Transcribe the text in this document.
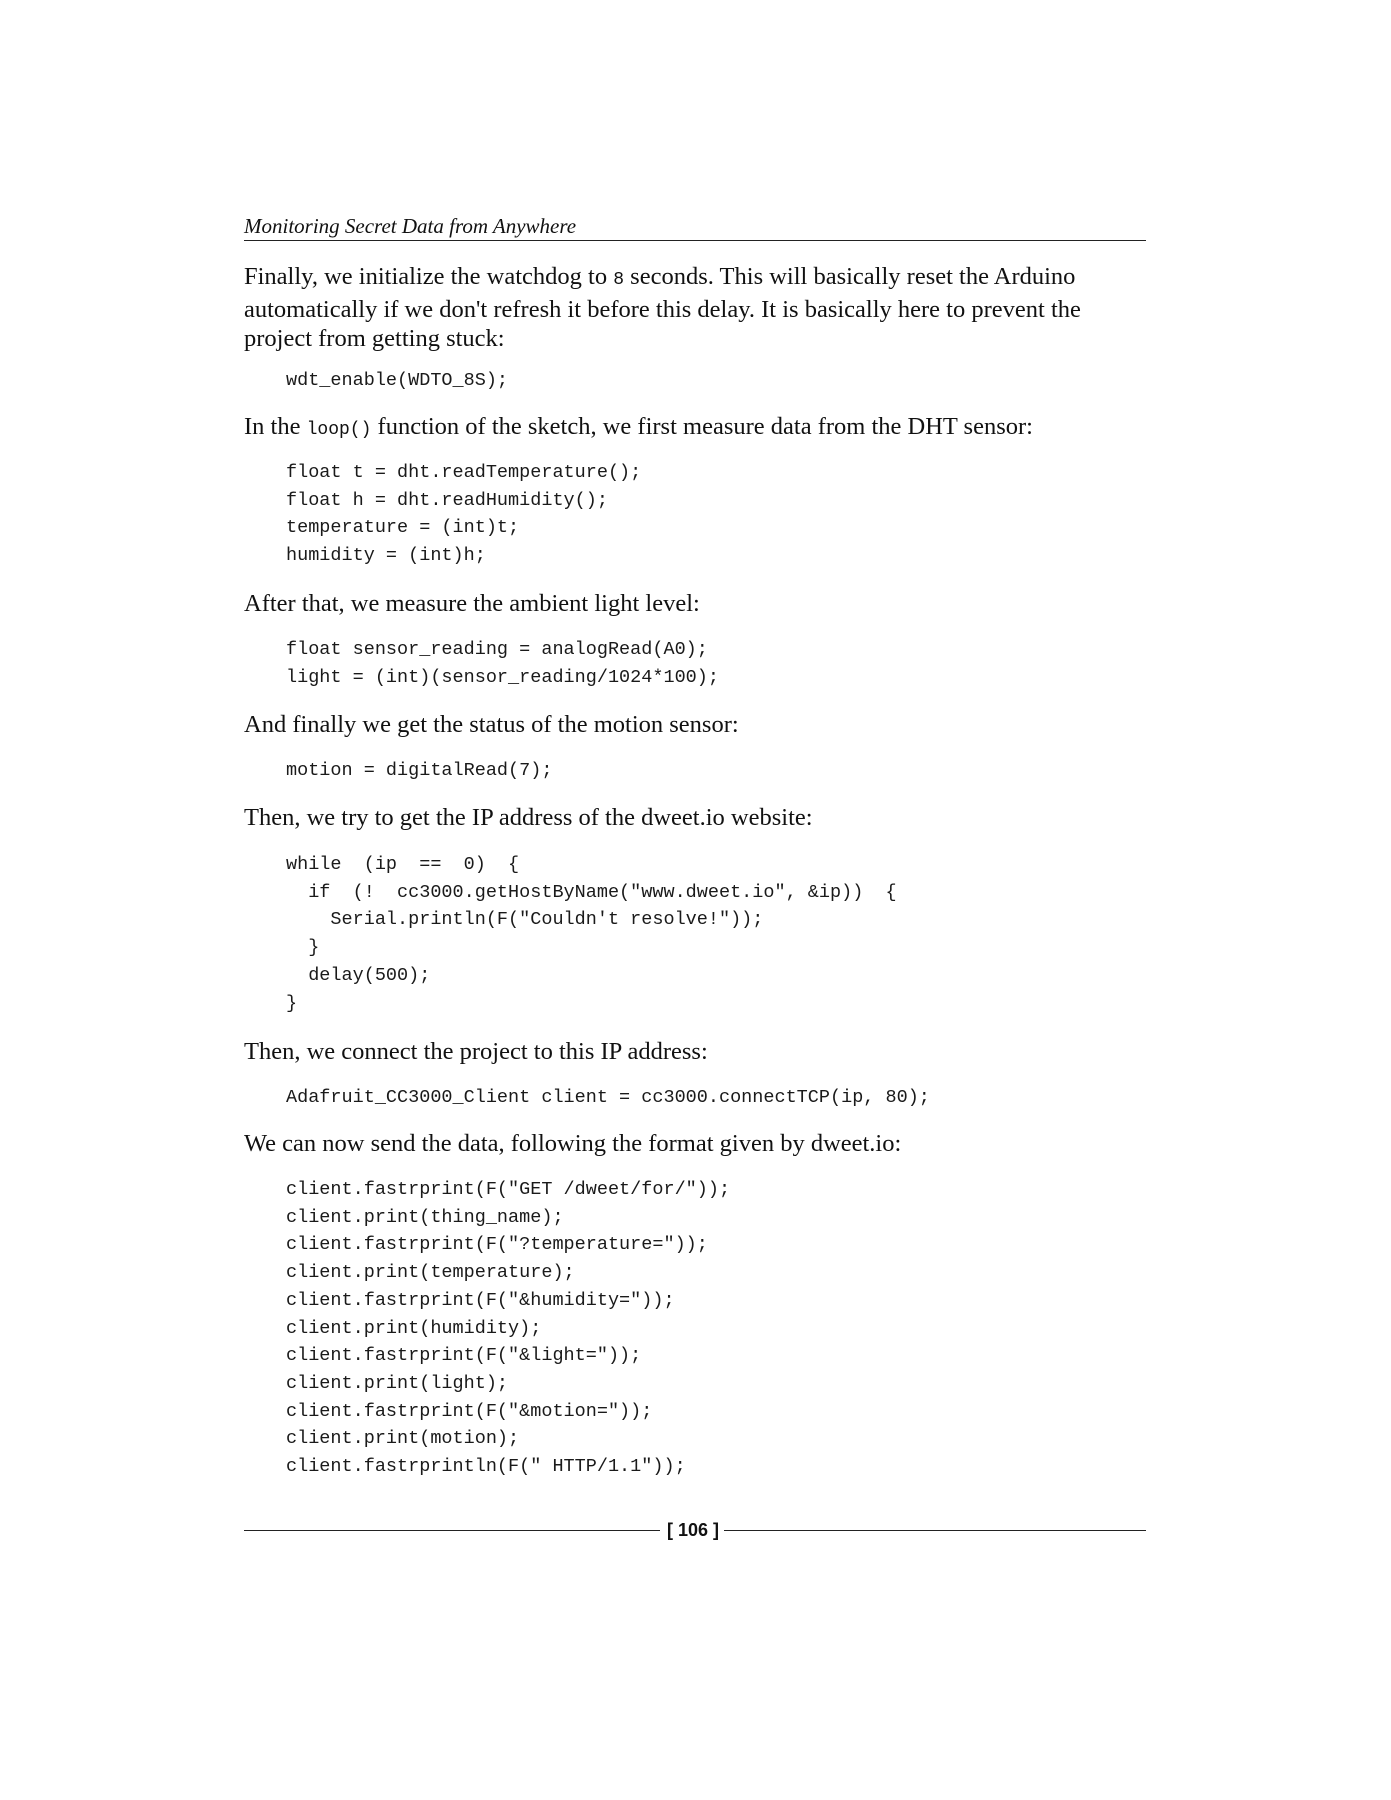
Monitoring Secret Data from Anywhere

Finally, we initialize the watchdog to 8 seconds. This will basically reset the Arduino
automatically if we don't refresh it before this delay. It is basically here to prevent the
project from getting stuck:

wdt_enable(WDTO_8S);

In the loop() function of the sketch, we first measure data from the DHT sensor:

float t = dht.readTemperature();
float h = dht.readHumidity();
temperature = (int)t;
humidity = (int)h;

After that, we measure the ambient light level:

float sensor_reading = analogRead(A0);
light = (int)(sensor_reading/1024*100);

And finally we get the status of the motion sensor:

motion = digitalRead(7);

Then, we try to get the IP address of the dweet.io website:

while  (ip  ==  0)  {
if  (!  cc3000.getHostByName("www.dweet.io", &ip))  {
Serial.println(F("Couldn't resolve!"));
}
delay(500);
}

Then, we connect the project to this IP address:

Adafruit_CC3000_Client client = cc3000.connectTCP(ip, 80);

We can now send the data, following the format given by dweet.io:

client.fastrprint(F("GET /dweet/for/"));
client.print(thing_name);
client.fastrprint(F("?temperature="));
client.print(temperature);
client.fastrprint(F("&humidity="));
client.print(humidity);
client.fastrprint(F("&light="));
client.print(light);
client.fastrprint(F("&motion="));
client.print(motion);
client.fastrprintln(F(" HTTP/1.1"));
[ 106 ]
